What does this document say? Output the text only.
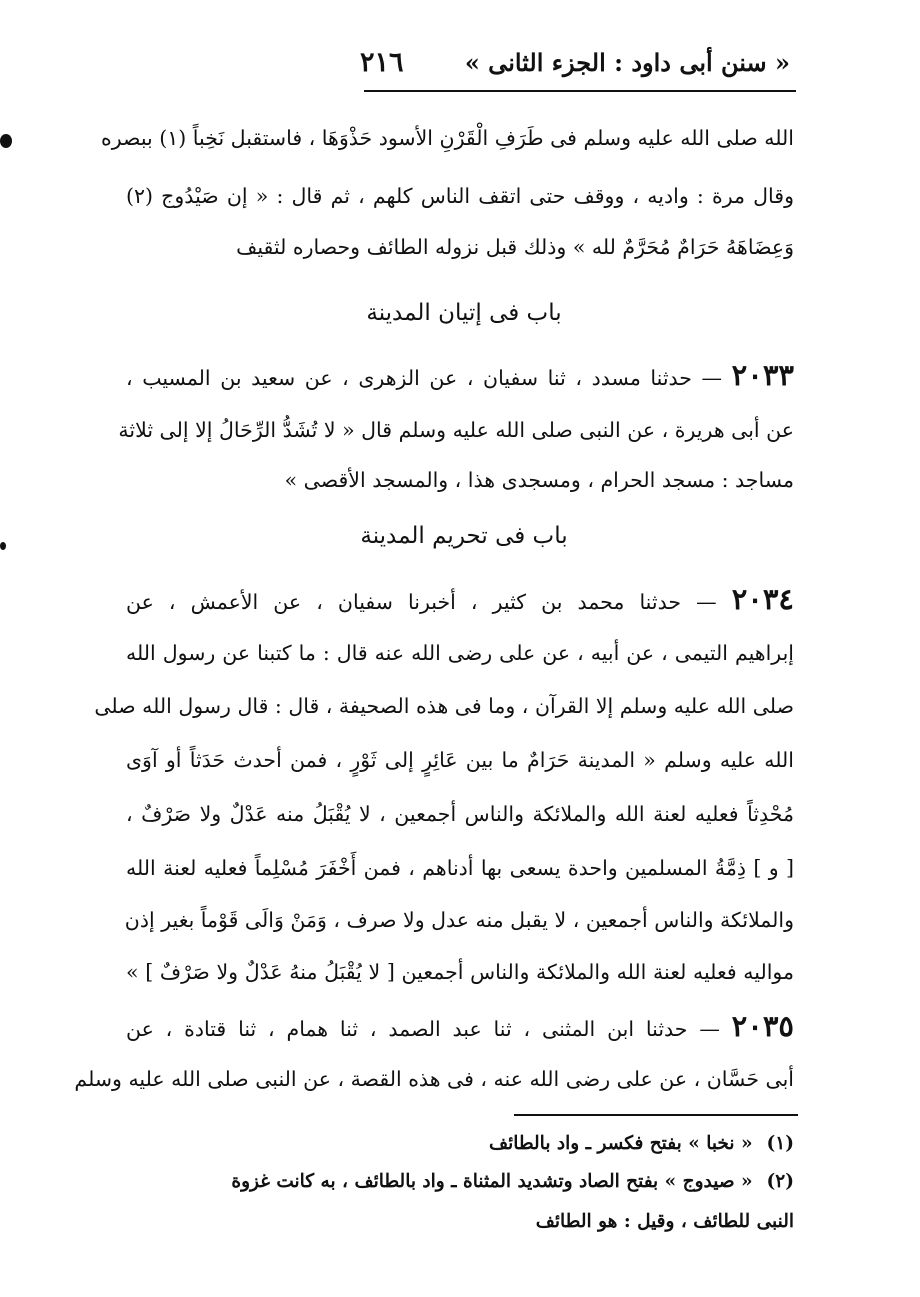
« سنن أبى داود : الجزء الثانى »
٢١٦
الله صلى الله عليه وسلم فى طَرَفِ الْقَرْنِ الأسود حَذْوَهَا ، فاستقبل نَخِباً (١) ببصره
وقال مرة : واديه ، ووقف حتى اتقف الناس كلهم ، ثم قال : « إن صَيْدُوج (٢)
وَعِضَاهَهُ حَرَامٌ مُحَرَّمٌ لله » وذلك قبل نزوله الطائف وحصاره لثقيف
باب فى إتيان المدينة
٢٠٣٣ — حدثنا مسدد ، ثنا سفيان ، عن الزهرى ، عن سعيد بن المسيب ،
عن أبى هريرة ، عن النبى صلى الله عليه وسلم قال « لا تُشَدُّ الرِّحَالُ إلا إلى ثلاثة
مساجد : مسجد الحرام ، ومسجدى هذا ، والمسجد الأقصى »
باب فى تحريم المدينة
٢٠٣٤ — حدثنا محمد بن كثير ، أخبرنا سفيان ، عن الأعمش ، عن
إبراهيم التيمى ، عن أبيه ، عن على رضى الله عنه قال : ما كتبنا عن رسول الله
صلى الله عليه وسلم إلا القرآن ، وما فى هذه الصحيفة ، قال : قال رسول الله صلى
الله عليه وسلم « المدينة حَرَامٌ ما بين عَائِرٍ إلى ثَوْرٍ ، فمن أحدث حَدَثاً أو آوَى
مُحْدِثاً فعليه لعنة الله والملائكة والناس أجمعين ، لا يُقْبَلُ منه عَدْلٌ ولا صَرْفٌ ،
[ و ] ذِمَّةُ المسلمين واحدة يسعى بها أدناهم ، فمن أَخْفَرَ مُسْلِماً فعليه لعنة الله
والملائكة والناس أجمعين ، لا يقبل منه عدل ولا صرف ، وَمَنْ وَالَى قَوْماً بغير إذن
مواليه فعليه لعنة الله والملائكة والناس أجمعين [ لا يُقْبَلُ منهُ عَدْلٌ ولا صَرْفٌ ] »
٢٠٣٥ — حدثنا ابن المثنى ، ثنا عبد الصمد ، ثنا همام ، ثنا قتادة ، عن
أبى حَسَّان ، عن على رضى الله عنه ، فى هذه القصة ، عن النبى صلى الله عليه وسلم
(١)« نخبا » بفتح فكسر ـ واد بالطائف
(٢)« صيدوج » بفتح الصاد وتشديد المثناة ـ واد بالطائف ، به كانت غزوة
النبى للطائف ، وقيل : هو الطائف
